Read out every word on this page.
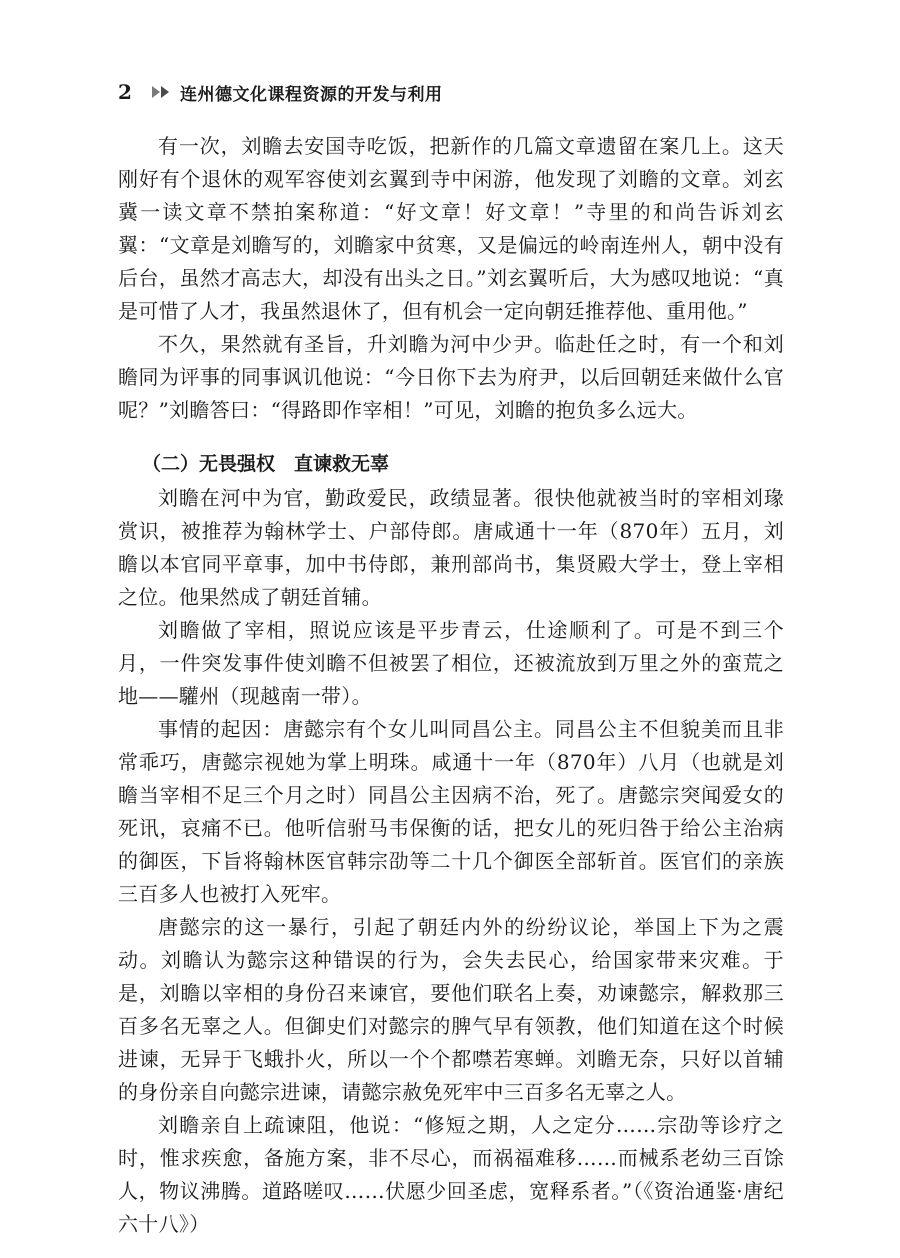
2	连州德文化课程资源的开发与利用

有一次，刘瞻去安国寺吃饭，把新作的几篇文章遗留在案几上。这天刚好有个退休的观军容使刘玄翼到寺中闲游，他发现了刘瞻的文章。刘玄冀一读文章不禁拍案称道：“好文章！好文章！”寺里的和尚告诉刘玄翼：“文章是刘瞻写的，刘瞻家中贫寒，又是偏远的岭南连州人，朝中没有后台，虽然才高志大，却没有出头之日。”刘玄翼听后，大为感叹地说：“真是可惜了人才，我虽然退休了，但有机会一定向朝廷推荐他、重用他。”

不久，果然就有圣旨，升刘瞻为河中少尹。临赴任之时，有一个和刘瞻同为评事的同事讽讥他说：“今日你下去为府尹，以后回朝廷来做什么官呢？”刘瞻答曰：“得路即作宰相！”可见，刘瞻的抱负多么远大。

（二）无畏强权　直谏救无辜

刘瞻在河中为官，勤政爱民，政绩显著。很快他就被当时的宰相刘瑑赏识，被推荐为翰林学士、户部侍郎。唐咸通十一年（870年）五月，刘瞻以本官同平章事，加中书侍郎，兼刑部尚书，集贤殿大学士，登上宰相之位。他果然成了朝廷首辅。

刘瞻做了宰相，照说应该是平步青云，仕途顺利了。可是不到三个月，一件突发事件使刘瞻不但被罢了相位，还被流放到万里之外的蛮荒之地——驩州（现越南一带）。

事情的起因：唐懿宗有个女儿叫同昌公主。同昌公主不但貌美而且非常乖巧，唐懿宗视她为掌上明珠。咸通十一年（870年）八月（也就是刘瞻当宰相不足三个月之时）同昌公主因病不治，死了。唐懿宗突闻爱女的死讯，哀痛不已。他听信驸马韦保衡的话，把女儿的死归咎于给公主治病的御医，下旨将翰林医官韩宗劭等二十几个御医全部斩首。医官们的亲族三百多人也被打入死牢。

唐懿宗的这一暴行，引起了朝廷内外的纷纷议论，举国上下为之震动。刘瞻认为懿宗这种错误的行为，会失去民心，给国家带来灾难。于是，刘瞻以宰相的身份召来谏官，要他们联名上奏，劝谏懿宗，解救那三百多名无辜之人。但御史们对懿宗的脾气早有领教，他们知道在这个时候进谏，无异于飞蛾扑火，所以一个个都噤若寒蝉。刘瞻无奈，只好以首辅的身份亲自向懿宗进谏，请懿宗赦免死牢中三百多名无辜之人。

刘瞻亲自上疏谏阻，他说：“修短之期，人之定分……宗劭等诊疗之时，惟求疾愈，备施方案，非不尽心，而祸福难移……而械系老幼三百馀人，物议沸腾。道路嗟叹……伏愿少回圣虑，宽释系者。”（《资治通鉴·唐纪六十八》）
